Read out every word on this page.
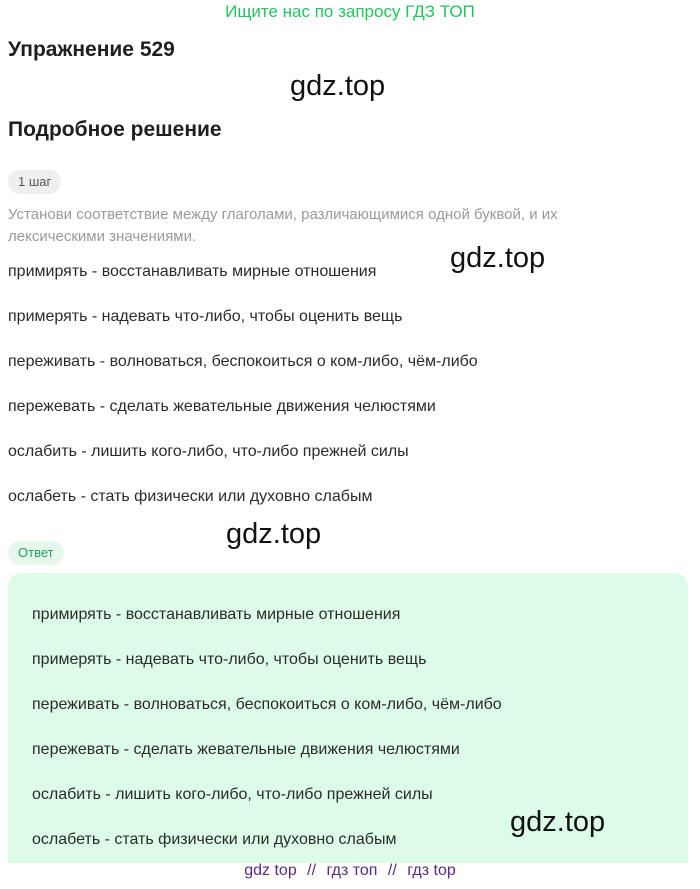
Ищите нас по запросу ГДЗ ТОП
Упражнение 529
gdz.top
Подробное решение
1 шаг
Установи соответствие между глаголами, различающимися одной буквой, и их лексическими значениями.
примирять - восстанавливать мирные отношения	gdz.top
примерять - надевать что-либо, чтобы оценить вещь
переживать - волноваться, беспокоиться о ком-либо, чём-либо
пережевать - сделать жевательные движения челюстями
ослабить - лишить кого-либо, что-либо прежней силы
ослабеть - стать физически или духовно слабым
gdz.top
Ответ
примирять - восстанавливать мирные отношения
примерять - надевать что-либо, чтобы оценить вещь
переживать - волноваться, беспокоиться о ком-либо, чём-либо
пережевать - сделать жевательные движения челюстями
ослабить - лишить кого-либо, что-либо прежней силы
ослабеть - стать физически или духовно слабым
gdz.top
gdz top // гдз топ // гдз top
